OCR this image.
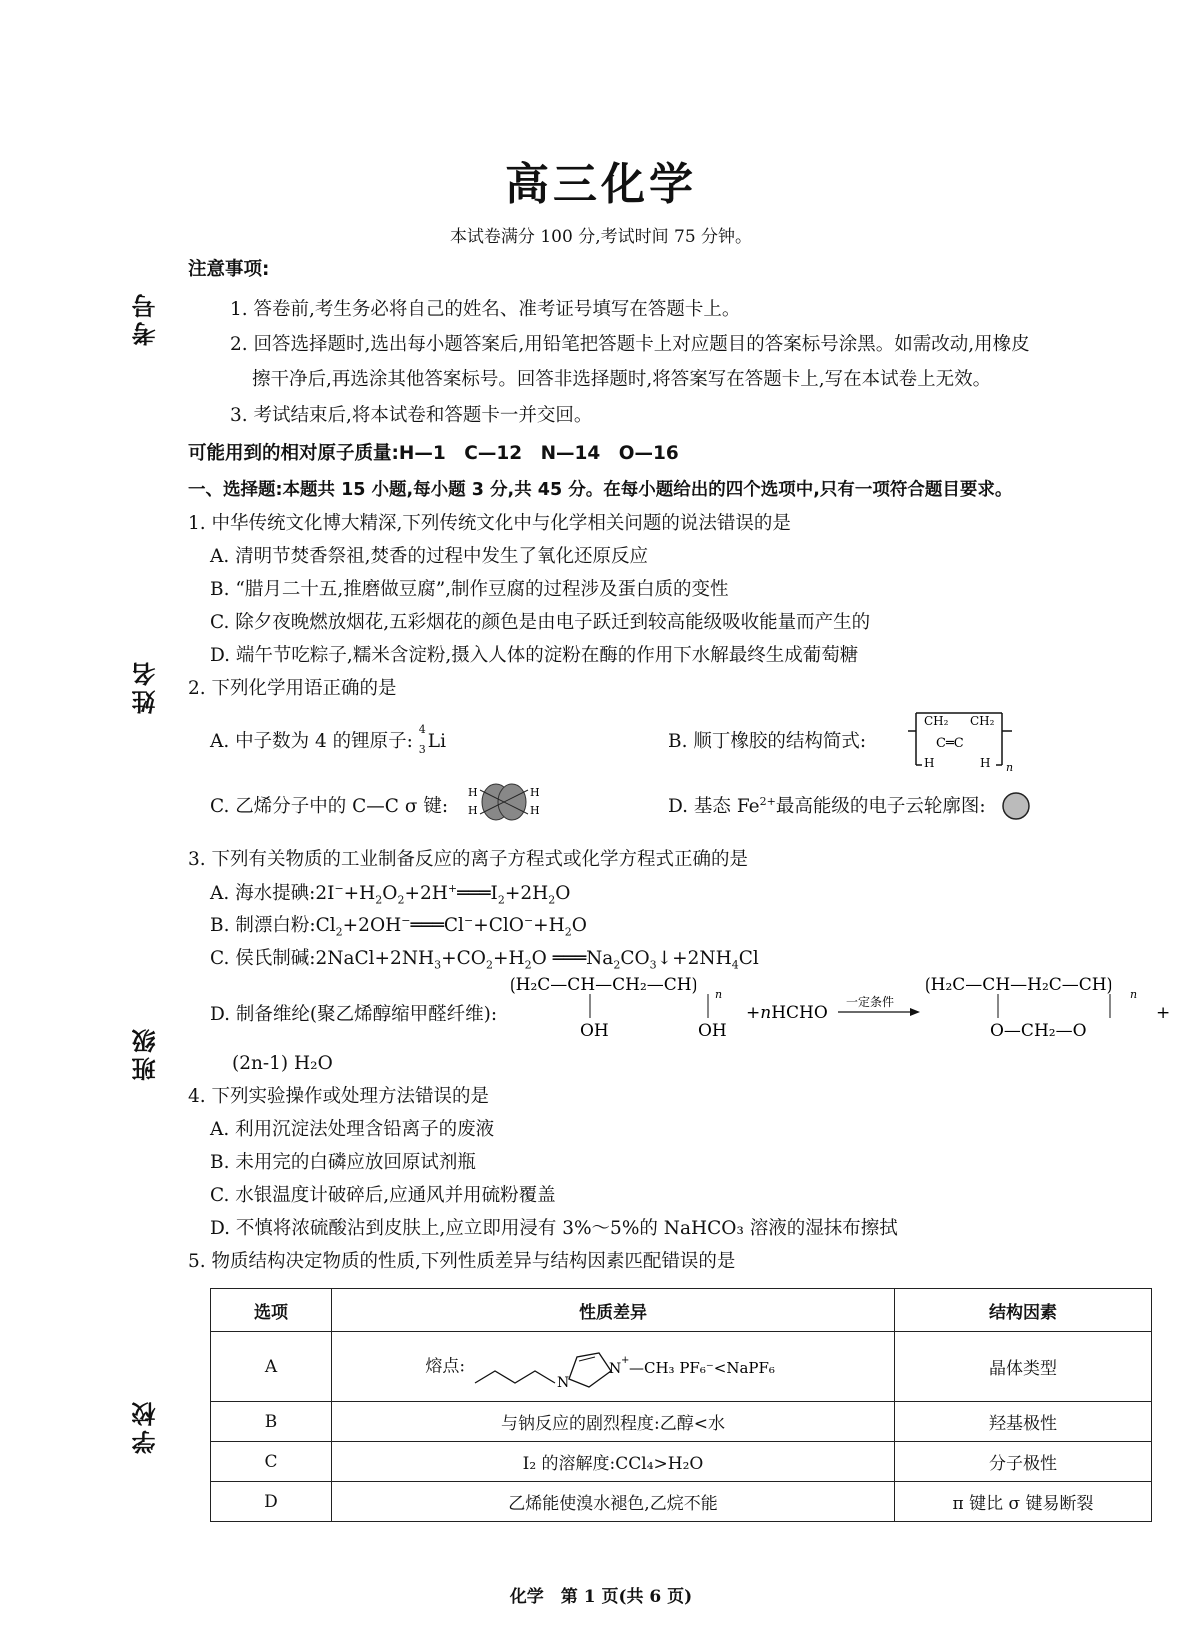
考号
姓名
班级
学校
高三化学
本试卷满分 100 分,考试时间 75 分钟。
注意事项:
1. 答卷前,考生务必将自己的姓名、准考证号填写在答题卡上。
2. 回答选择题时,选出每小题答案后,用铅笔把答题卡上对应题目的答案标号涂黑。如需改动,用橡皮
擦干净后,再选涂其他答案标号。回答非选择题时,将答案写在答题卡上,写在本试卷上无效。
3. 考试结束后,将本试卷和答题卡一并交回。
可能用到的相对原子质量:H—1　C—12　N—14　O—16
一、选择题:本题共 15 小题,每小题 3 分,共 45 分。在每小题给出的四个选项中,只有一项符合题目要求。
1. 中华传统文化博大精深,下列传统文化中与化学相关问题的说法错误的是
A. 清明节焚香祭祖,焚香的过程中发生了氧化还原反应
B. “腊月二十五,推磨做豆腐”,制作豆腐的过程涉及蛋白质的变性
C. 除夕夜晚燃放烟花,五彩烟花的颜色是由电子跃迁到较高能级吸收能量而产生的
D. 端午节吃粽子,糯米含淀粉,摄入人体的淀粉在酶的作用下水解最终生成葡萄糖
2. 下列化学用语正确的是
A. 中子数为 4 的锂原子:
4
3 Li
	B. 顺丁橡胶的结构简式:
CH₂ CH₂
C═C
H	H n
C. 乙烯分子中的 C—C σ 键:
H
H
H
H	D. 基态 $Fe^{2+}$最高能级的电子云轮廓图:
3. 下列有关物质的工业制备反应的离子方程式或化学方程式正确的是
A. 海水提碘$:2I^-+H_2O_2+2H^+═══I_2+2H_2O$
B. 制漂白粉$:Cl_2+2OH^-═══Cl^-+ClO^-+H_2O$
C. 侯氏制碱$:2NaCl+2NH_3+CO_2+H_2O$ $═══Na_2CO_3↓+2NH_4Cl$
D. 制备维纶(聚乙烯醇缩甲醛纤维):
⟮H₂C—CH—CH₂—CH⟯ n
OH	OH
+nHCHO
一定条件
⟮H₂C—CH—H₂C—CH⟯ n
O—CH₂—O
+
(2n-1) H₂O
4. 下列实验操作或处理方法错误的是
A. 利用沉淀法处理含铅离子的废液
B. 未用完的白磷应放回原试剂瓶
C. 水银温度计破碎后,应通风并用硫粉覆盖
D. 不慎将浓硫酸沾到皮肤上,应立即用浸有 3%～5%的 NaHCO₃ 溶液的湿抹布擦拭
5. 物质结构决定物质的性质,下列性质差异与结构因素匹配错误的是
选项	性质差异	结构因素
A	熔点:
N
N
+ —CH₃ PF₆⁻<NaPF₆	晶体类型
B	与钠反应的剧烈程度:乙醇<水	羟基极性
C	I₂ 的溶解度:CCl₄>H₂O	分子极性
D	乙烯能使溴水褪色,乙烷不能	π 键比 σ 键易断裂
化学　第 1 页(共 6 页)
